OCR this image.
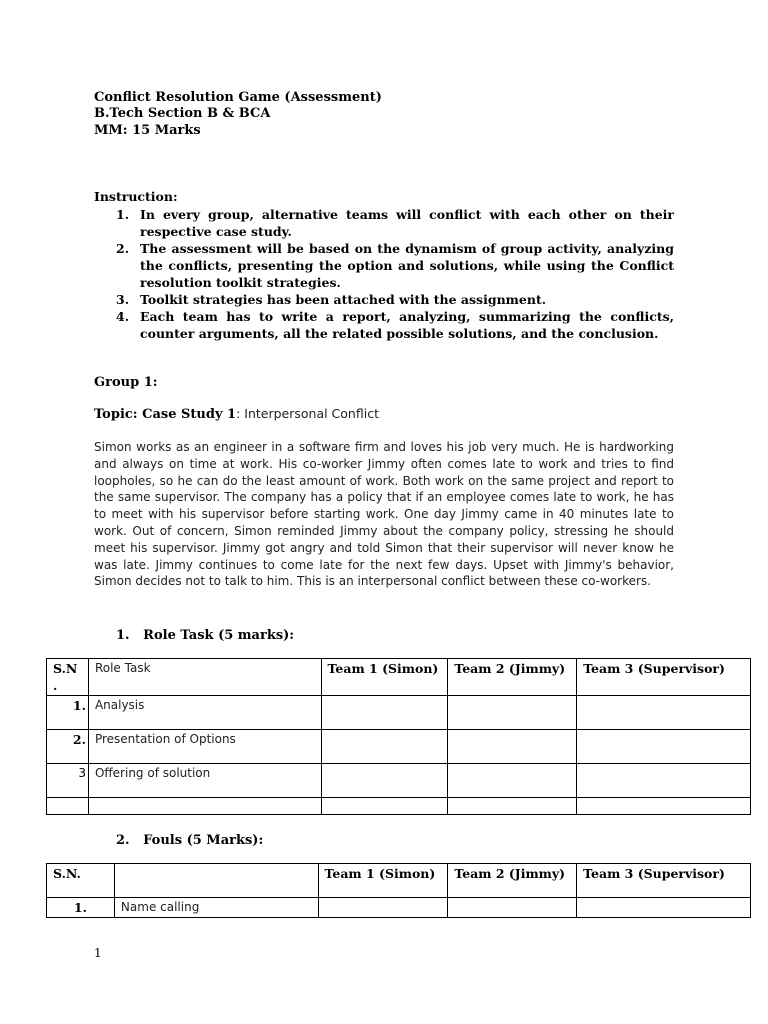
Conflict Resolution Game (Assessment)
B.Tech Section B & BCA
MM: 15 Marks
Instruction:
1. In every group, alternative teams will conflict with each other on their respective case study.
2. The assessment will be based on the dynamism of group activity, analyzing the conflicts, presenting the option and solutions, while using the Conflict resolution toolkit strategies.
3. Toolkit strategies has been attached with the assignment.
4. Each team has to write a report, analyzing, summarizing the conflicts, counter arguments, all the related possible solutions, and the conclusion.
Group 1:
Topic: Case Study 1: Interpersonal Conflict
Simon works as an engineer in a software firm and loves his job very much. He is hardworking and always on time at work. His co-worker Jimmy often comes late to work and tries to find loopholes, so he can do the least amount of work. Both work on the same project and report to the same supervisor. The company has a policy that if an employee comes late to work, he has to meet with his supervisor before starting work. One day Jimmy came in 40 minutes late to work. Out of concern, Simon reminded Jimmy about the company policy, stressing he should meet his supervisor. Jimmy got angry and told Simon that their supervisor will never know he was late. Jimmy continues to come late for the next few days. Upset with Jimmy's behavior, Simon decides not to talk to him. This is an interpersonal conflict between these co-workers.
1. Role Task (5 marks):
S.N .	Role Task	Team 1 (Simon)	Team 2 (Jimmy)	Team 3 (Supervisor)
1.	Analysis			
2.	Presentation of Options			
3	Offering of solution			

2. Fouls (5 Marks):
S.N.		Team 1 (Simon)	Team 2 (Jimmy)	Team 3 (Supervisor)
1.	Name calling			
1
